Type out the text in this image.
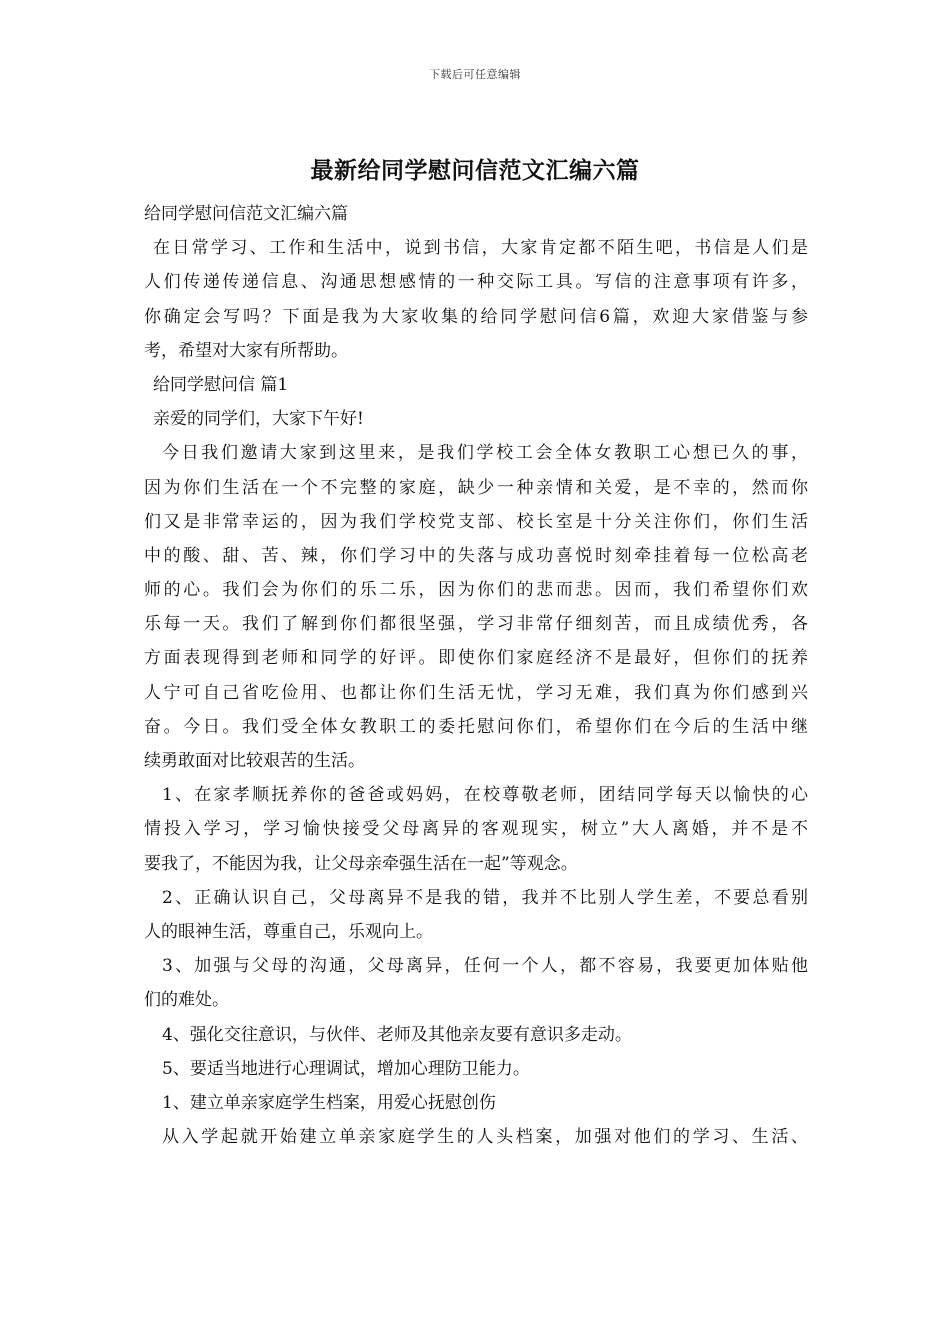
下载后可任意编辑
最新给同学慰问信范文汇编六篇
给同学慰问信范文汇编六篇
在日常学习、工作和生活中，说到书信，大家肯定都不陌生吧，书信是人们是
人们传递传递信息、沟通思想感情的一种交际工具。写信的注意事项有许多，
你确定会写吗？下面是我为大家收集的给同学慰问信6篇，欢迎大家借鉴与参
考，希望对大家有所帮助。
给同学慰问信 篇1
亲爱的同学们，大家下午好!
今日我们邀请大家到这里来，是我们学校工会全体女教职工心想已久的事，
因为你们生活在一个不完整的家庭，缺少一种亲情和关爱，是不幸的，然而你
们又是非常幸运的，因为我们学校党支部、校长室是十分关注你们，你们生活
中的酸、甜、苦、辣，你们学习中的失落与成功喜悦时刻牵挂着每一位松高老
师的心。我们会为你们的乐二乐，因为你们的悲而悲。因而，我们希望你们欢
乐每一天。我们了解到你们都很坚强，学习非常仔细刻苦，而且成绩优秀，各
方面表现得到老师和同学的好评。即使你们家庭经济不是最好，但你们的抚养
人宁可自己省吃俭用、也都让你们生活无忧，学习无难，我们真为你们感到兴
奋。今日。我们受全体女教职工的委托慰问你们，希望你们在今后的生活中继
续勇敢面对比较艰苦的生活。
1、在家孝顺抚养你的爸爸或妈妈，在校尊敬老师，团结同学每天以愉快的心
情投入学习，学习愉快接受父母离异的客观现实，树立”大人离婚，并不是不
要我了，不能因为我，让父母亲牵强生活在一起”等观念。
2、正确认识自己，父母离异不是我的错，我并不比别人学生差，不要总看别
人的眼神生活，尊重自己，乐观向上。
3、加强与父母的沟通，父母离异，任何一个人，都不容易，我要更加体贴他
们的难处。
4、强化交往意识，与伙伴、老师及其他亲友要有意识多走动。
5、要适当地进行心理调试，增加心理防卫能力。
1、建立单亲家庭学生档案，用爱心抚慰创伤
从入学起就开始建立单亲家庭学生的人头档案，加强对他们的学习、生活、
